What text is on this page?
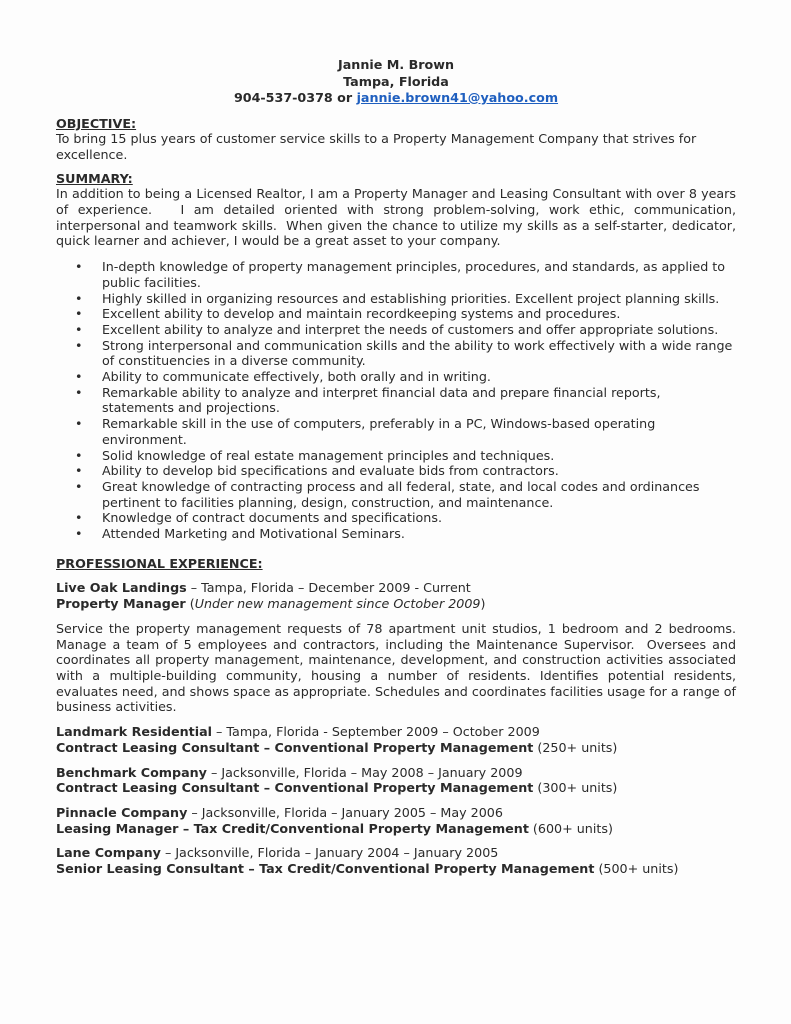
Jannie M. Brown
Tampa, Florida
904-537-0378 or jannie.brown41@yahoo.com
OBJECTIVE:

To bring 15 plus years of customer service skills to a Property Management Company that strives for excellence.

SUMMARY:

In addition to being a Licensed Realtor, I am a Property Manager and Leasing Consultant with over 8 years of experience.   I am detailed oriented with strong problem-solving, work ethic, communication, interpersonal and teamwork skills.  When given the chance to utilize my skills as a self-starter, dedicator, quick learner and achiever, I would be a great asset to your company.

• In-depth knowledge of property management principles, procedures, and standards, as applied to public facilities.
• Highly skilled in organizing resources and establishing priorities. Excellent project planning skills.
• Excellent ability to develop and maintain recordkeeping systems and procedures.
• Excellent ability to analyze and interpret the needs of customers and offer appropriate solutions.
• Strong interpersonal and communication skills and the ability to work effectively with a wide range of constituencies in a diverse community.
• Ability to communicate effectively, both orally and in writing.
• Remarkable ability to analyze and interpret financial data and prepare financial reports, statements and projections.
• Remarkable skill in the use of computers, preferably in a PC, Windows-based operating environment.
• Solid knowledge of real estate management principles and techniques.
• Ability to develop bid specifications and evaluate bids from contractors.
• Great knowledge of contracting process and all federal, state, and local codes and ordinances pertinent to facilities planning, design, construction, and maintenance.
• Knowledge of contract documents and specifications.
• Attended Marketing and Motivational Seminars.
PROFESSIONAL EXPERIENCE:
Live Oak Landings – Tampa, Florida – December 2009 - Current
Property Manager (Under new management since October 2009)

Service the property management requests of 78 apartment unit studios, 1 bedroom and 2 bedrooms. Manage a team of 5 employees and contractors, including the Maintenance Supervisor.  Oversees and coordinates all property management, maintenance, development, and construction activities associated with a multiple-building community, housing a number of residents. Identifies potential residents, evaluates need, and shows space as appropriate. Schedules and coordinates facilities usage for a range of business activities.

Landmark Residential – Tampa, Florida - September 2009 – October 2009
Contract Leasing Consultant – Conventional Property Management (250+ units)
Benchmark Company – Jacksonville, Florida – May 2008 – January 2009
Contract Leasing Consultant – Conventional Property Management (300+ units)
Pinnacle Company – Jacksonville, Florida – January 2005 – May 2006
Leasing Manager – Tax Credit/Conventional Property Management (600+ units)
Lane Company – Jacksonville, Florida – January 2004 – January 2005
Senior Leasing Consultant – Tax Credit/Conventional Property Management (500+ units)
